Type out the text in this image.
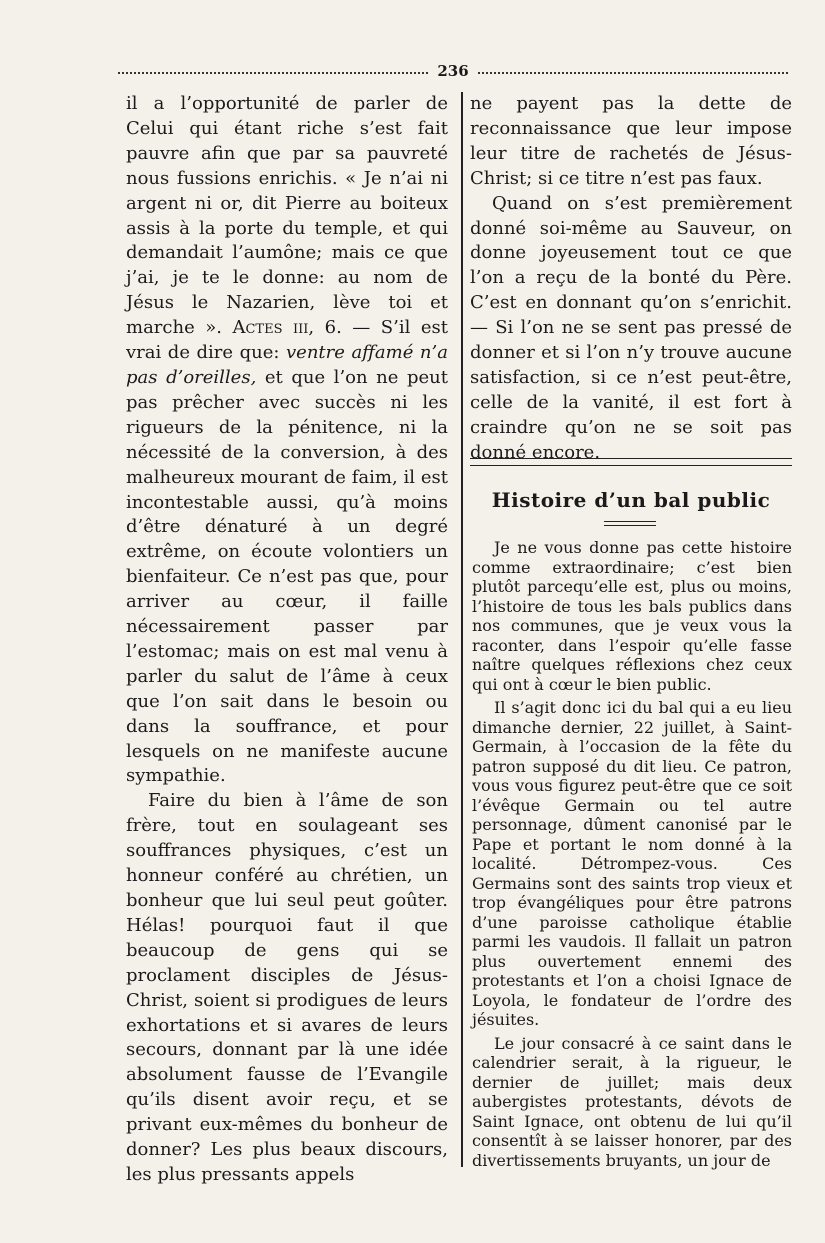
236

il a l’opportunité de parler de Celui qui étant riche s’est fait pauvre afin que par sa pauvreté nous fussions enrichis. « Je n’ai ni argent ni or, dit Pierre au boiteux assis à la porte du temple, et qui demandait l’aumône; mais ce que j’ai, je te le donne: au nom de Jésus le Nazarien, lève toi et marche ». Actes iii, 6. — S’il est vrai de dire que: ventre affamé n’a pas d’oreilles, et que l’on ne peut pas prêcher avec succès ni les rigueurs de la pénitence, ni la nécessité de la conversion, à des malheureux mourant de faim, il est incontestable aussi, qu’à moins d’être dénaturé à un degré extrême, on écoute volontiers un bienfaiteur. Ce n’est pas que, pour arriver au cœur, il faille nécessairement passer par l’estomac; mais on est mal venu à parler du salut de l’âme à ceux que l’on sait dans le besoin ou dans la souffrance, et pour lesquels on ne manifeste aucune sympathie.

Faire du bien à l’âme de son frère, tout en soulageant ses souffrances physiques, c’est un honneur conféré au chrétien, un bonheur que lui seul peut goûter. Hélas! pourquoi faut il que beaucoup de gens qui se proclament disciples de Jésus-Christ, soient si prodigues de leurs exhortations et si avares de leurs secours, donnant par là une idée absolument fausse de l’Evangile qu’ils disent avoir reçu, et se privant eux-mêmes du bonheur de donner? Les plus beaux discours, les plus pressants appels

ne payent pas la dette de reconnaissance que leur impose leur titre de rachetés de Jésus-Christ; si ce titre n’est pas faux.

Quand on s’est premièrement donné soi-même au Sauveur, on donne joyeusement tout ce que l’on a reçu de la bonté du Père. C’est en donnant qu’on s’enrichit. — Si l’on ne se sent pas pressé de donner et si l’on n’y trouve aucune satisfaction, si ce n’est peut-être, celle de la vanité, il est fort à craindre qu’on ne se soit pas donné encore.

Histoire d’un bal public

Je ne vous donne pas cette histoire comme extraordinaire; c’est bien plutôt parcequ’elle est, plus ou moins, l’histoire de tous les bals publics dans nos communes, que je veux vous la raconter, dans l’espoir qu’elle fasse naître quelques réflexions chez ceux qui ont à cœur le bien public.

Il s’agit donc ici du bal qui a eu lieu dimanche dernier, 22 juillet, à Saint-Germain, à l’occasion de la fête du patron supposé du dit lieu. Ce patron, vous vous figurez peut-être que ce soit l’évêque Germain ou tel autre personnage, dûment canonisé par le Pape et portant le nom donné à la localité. Détrompez-vous. Ces Germains sont des saints trop vieux et trop évangéliques pour être patrons d’une paroisse catholique établie parmi les vaudois. Il fallait un patron plus ouvertement ennemi des protestants et l’on a choisi Ignace de Loyola, le fondateur de l’ordre des jésuites.

Le jour consacré à ce saint dans le calendrier serait, à la rigueur, le dernier de juillet; mais deux aubergistes protestants, dévots de Saint Ignace, ont obtenu de lui qu’il consentît à se laisser honorer, par des divertissements bruyants, un jour de
